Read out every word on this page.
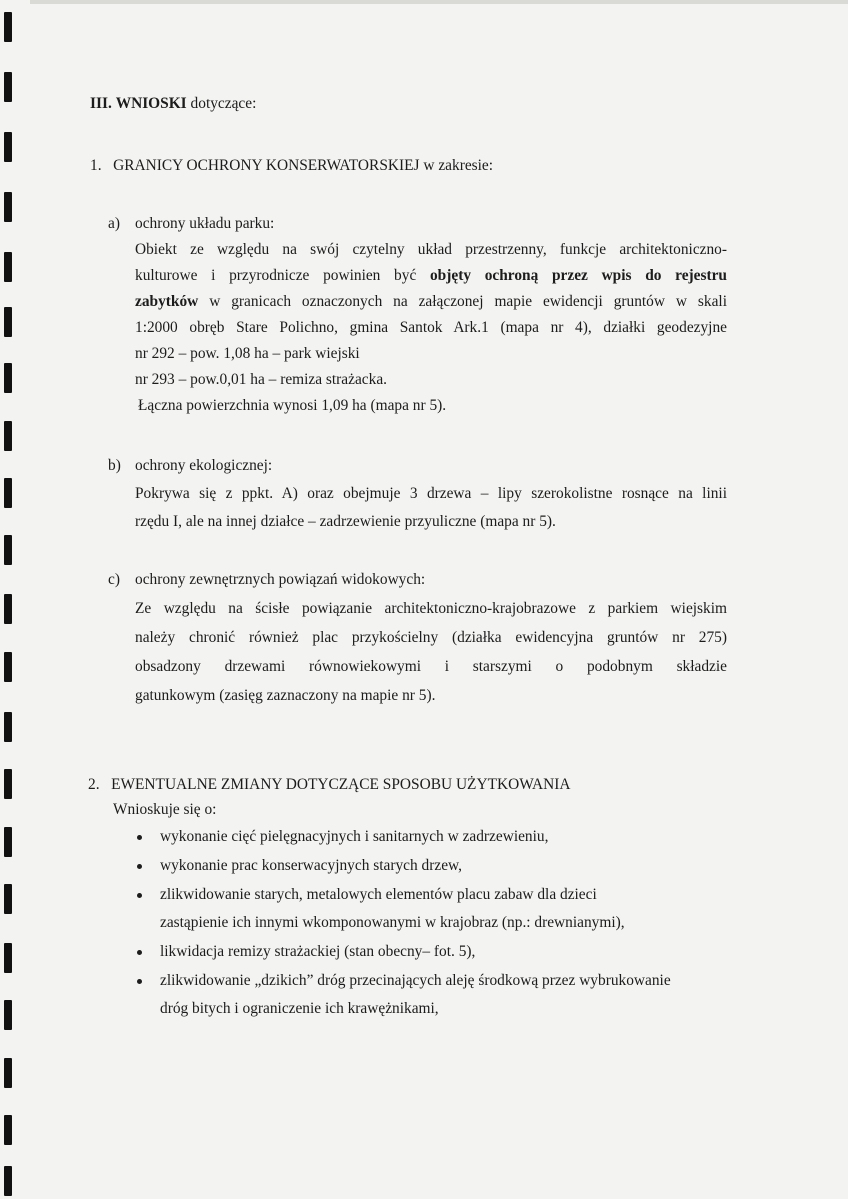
III. WNIOSKI dotyczące:
1. GRANICY OCHRONY KONSERWATORSKIEJ w zakresie:
a) ochrony układu parku:
Obiekt ze względu na swój czytelny układ przestrzenny, funkcje architektoniczno-
kulturowe i przyrodnicze powinien być objęty ochroną przez wpis do rejestru
zabytków w granicach oznaczonych na załączonej mapie ewidencji gruntów w skali
1:2000 obręb Stare Polichno, gmina Santok Ark.1 (mapa nr 4), działki geodezyjne
nr 292 – pow. 1,08 ha – park wiejski
nr 293 – pow.0,01 ha – remiza strażacka.
Łączna powierzchnia wynosi 1,09 ha (mapa nr 5).
b) ochrony ekologicznej:
Pokrywa się z ppkt. A) oraz obejmuje 3 drzewa – lipy szerokolistne rosnące na linii
rzędu I, ale na innej działce – zadrzewienie przyuliczne (mapa nr 5).
c) ochrony zewnętrznych powiązań widokowych:
Ze względu na ścisłe powiązanie architektoniczno-krajobrazowe z parkiem wiejskim
należy chronić również plac przykościelny (działka ewidencyjna gruntów nr 275)
obsadzony drzewami równowiekowymi i starszymi o podobnym składzie
gatunkowym (zasięg zaznaczony na mapie nr 5).
2. EWENTUALNE ZMIANY DOTYCZĄCE SPOSOBU UŻYTKOWANIA
Wnioskuje się o:
wykonanie cięć pielęgnacyjnych i sanitarnych w zadrzewieniu,
wykonanie prac konserwacyjnych starych drzew,
zlikwidowanie starych, metalowych elementów placu zabaw dla dzieci
zastąpienie ich innymi wkomponowanymi w krajobraz (np.: drewnianymi),
likwidacja remizy strażackiej (stan obecny– fot. 5),
zlikwidowanie „dzikich” dróg przecinających aleję środkową przez wybrukowanie
dróg bitych i ograniczenie ich krawężnikami,
